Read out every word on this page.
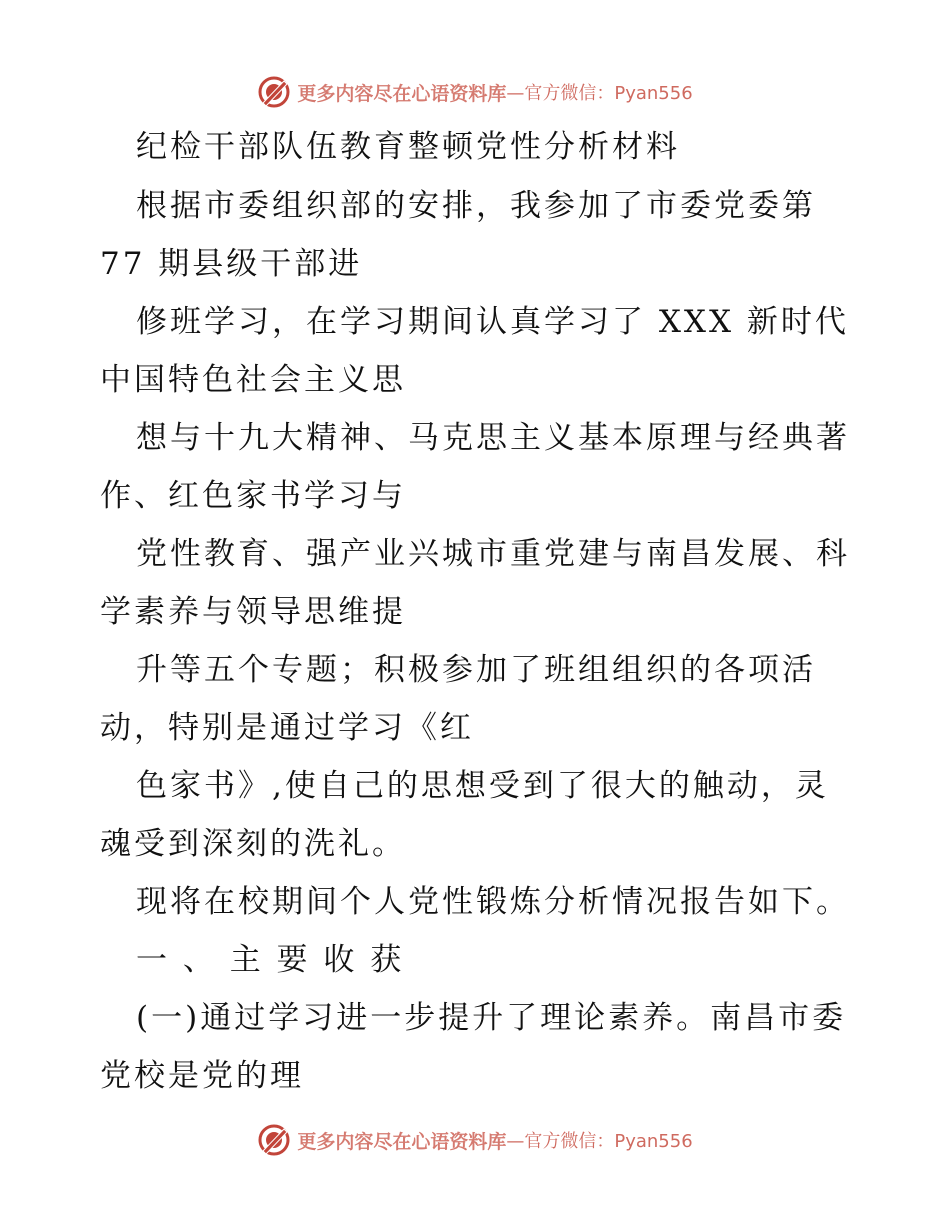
更多内容尽在心语资料库 —官方微信：Pyan556
纪检干部队伍教育整顿党性分析材料
根据市委组织部的安排，我参加了市委党委第
77 期县级干部进
修班学习，在学习期间认真学习了 XXX 新时代
中国特色社会主义思
想与十九大精神、马克思主义基本原理与经典著
作、红色家书学习与
党性教育、强产业兴城市重党建与南昌发展、科
学素养与领导思维提
升等五个专题；积极参加了班组组织的各项活
动，特别是通过学习《红
色家书》,使自己的思想受到了很大的触动，灵
魂受到深刻的洗礼。
现将在校期间个人党性锻炼分析情况报告如下。
一 、 主 要 收 获
(一)通过学习进一步提升了理论素养。南昌市委
党校是党的理
更多内容尽在心语资料库 —官方微信：Pyan556
